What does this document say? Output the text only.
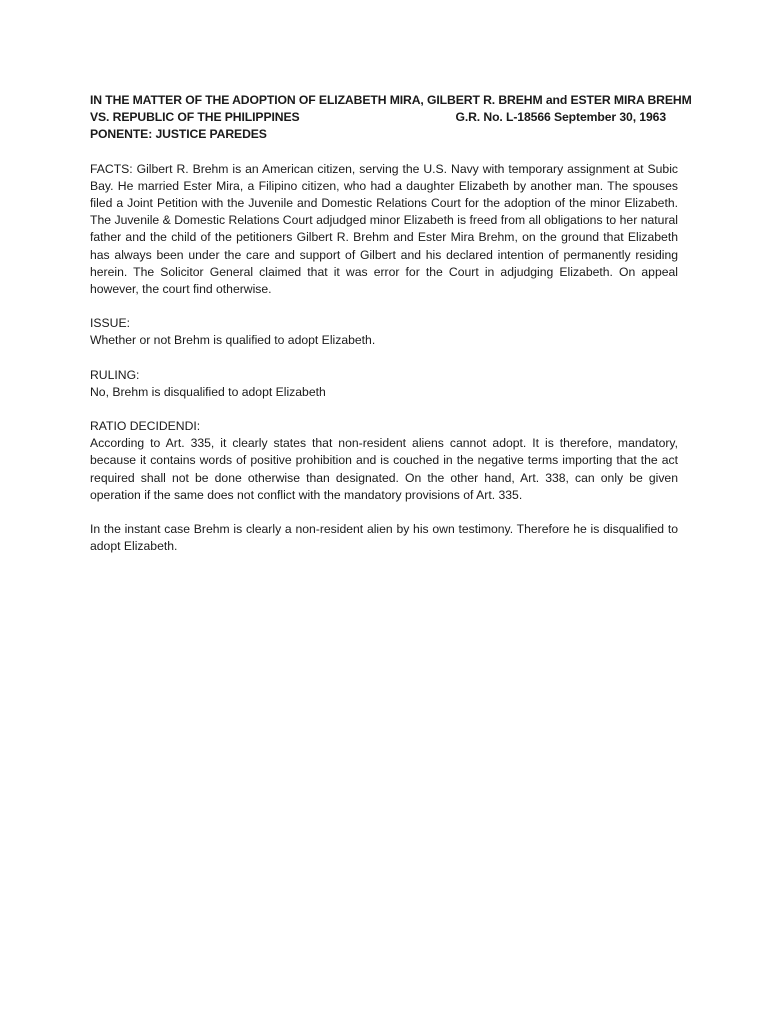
IN THE MATTER OF THE ADOPTION OF ELIZABETH MIRA, GILBERT R. BREHM and ESTER MIRA BREHM
VS. REPUBLIC OF THE PHILIPPINES	G.R. No. L-18566 September 30, 1963
PONENTE: JUSTICE PAREDES

FACTS: Gilbert R. Brehm is an American citizen, serving the U.S. Navy with temporary assignment at Subic Bay. He married Ester Mira, a Filipino citizen, who had a daughter Elizabeth by another man. The spouses filed a Joint Petition with the Juvenile and Domestic Relations Court for the adoption of the minor Elizabeth. The Juvenile & Domestic Relations Court adjudged minor Elizabeth is freed from all obligations to her natural father and the child of the petitioners Gilbert R. Brehm and Ester Mira Brehm, on the ground that Elizabeth has always been under the care and support of Gilbert and his declared intention of permanently residing herein. The Solicitor General claimed that it was error for the Court in adjudging Elizabeth. On appeal however, the court find otherwise.

ISSUE:
Whether or not Brehm is qualified to adopt Elizabeth.
RULING:
No, Brehm is disqualified to adopt Elizabeth
RATIO DECIDENDI:

According to Art. 335, it clearly states that non-resident aliens cannot adopt. It is therefore, mandatory, because it contains words of positive prohibition and is couched in the negative terms importing that the act required shall not be done otherwise than designated. On the other hand, Art. 338, can only be given operation if the same does not conflict with the mandatory provisions of Art. 335.

In the instant case Brehm is clearly a non-resident alien by his own testimony. Therefore he is disqualified to adopt Elizabeth.
